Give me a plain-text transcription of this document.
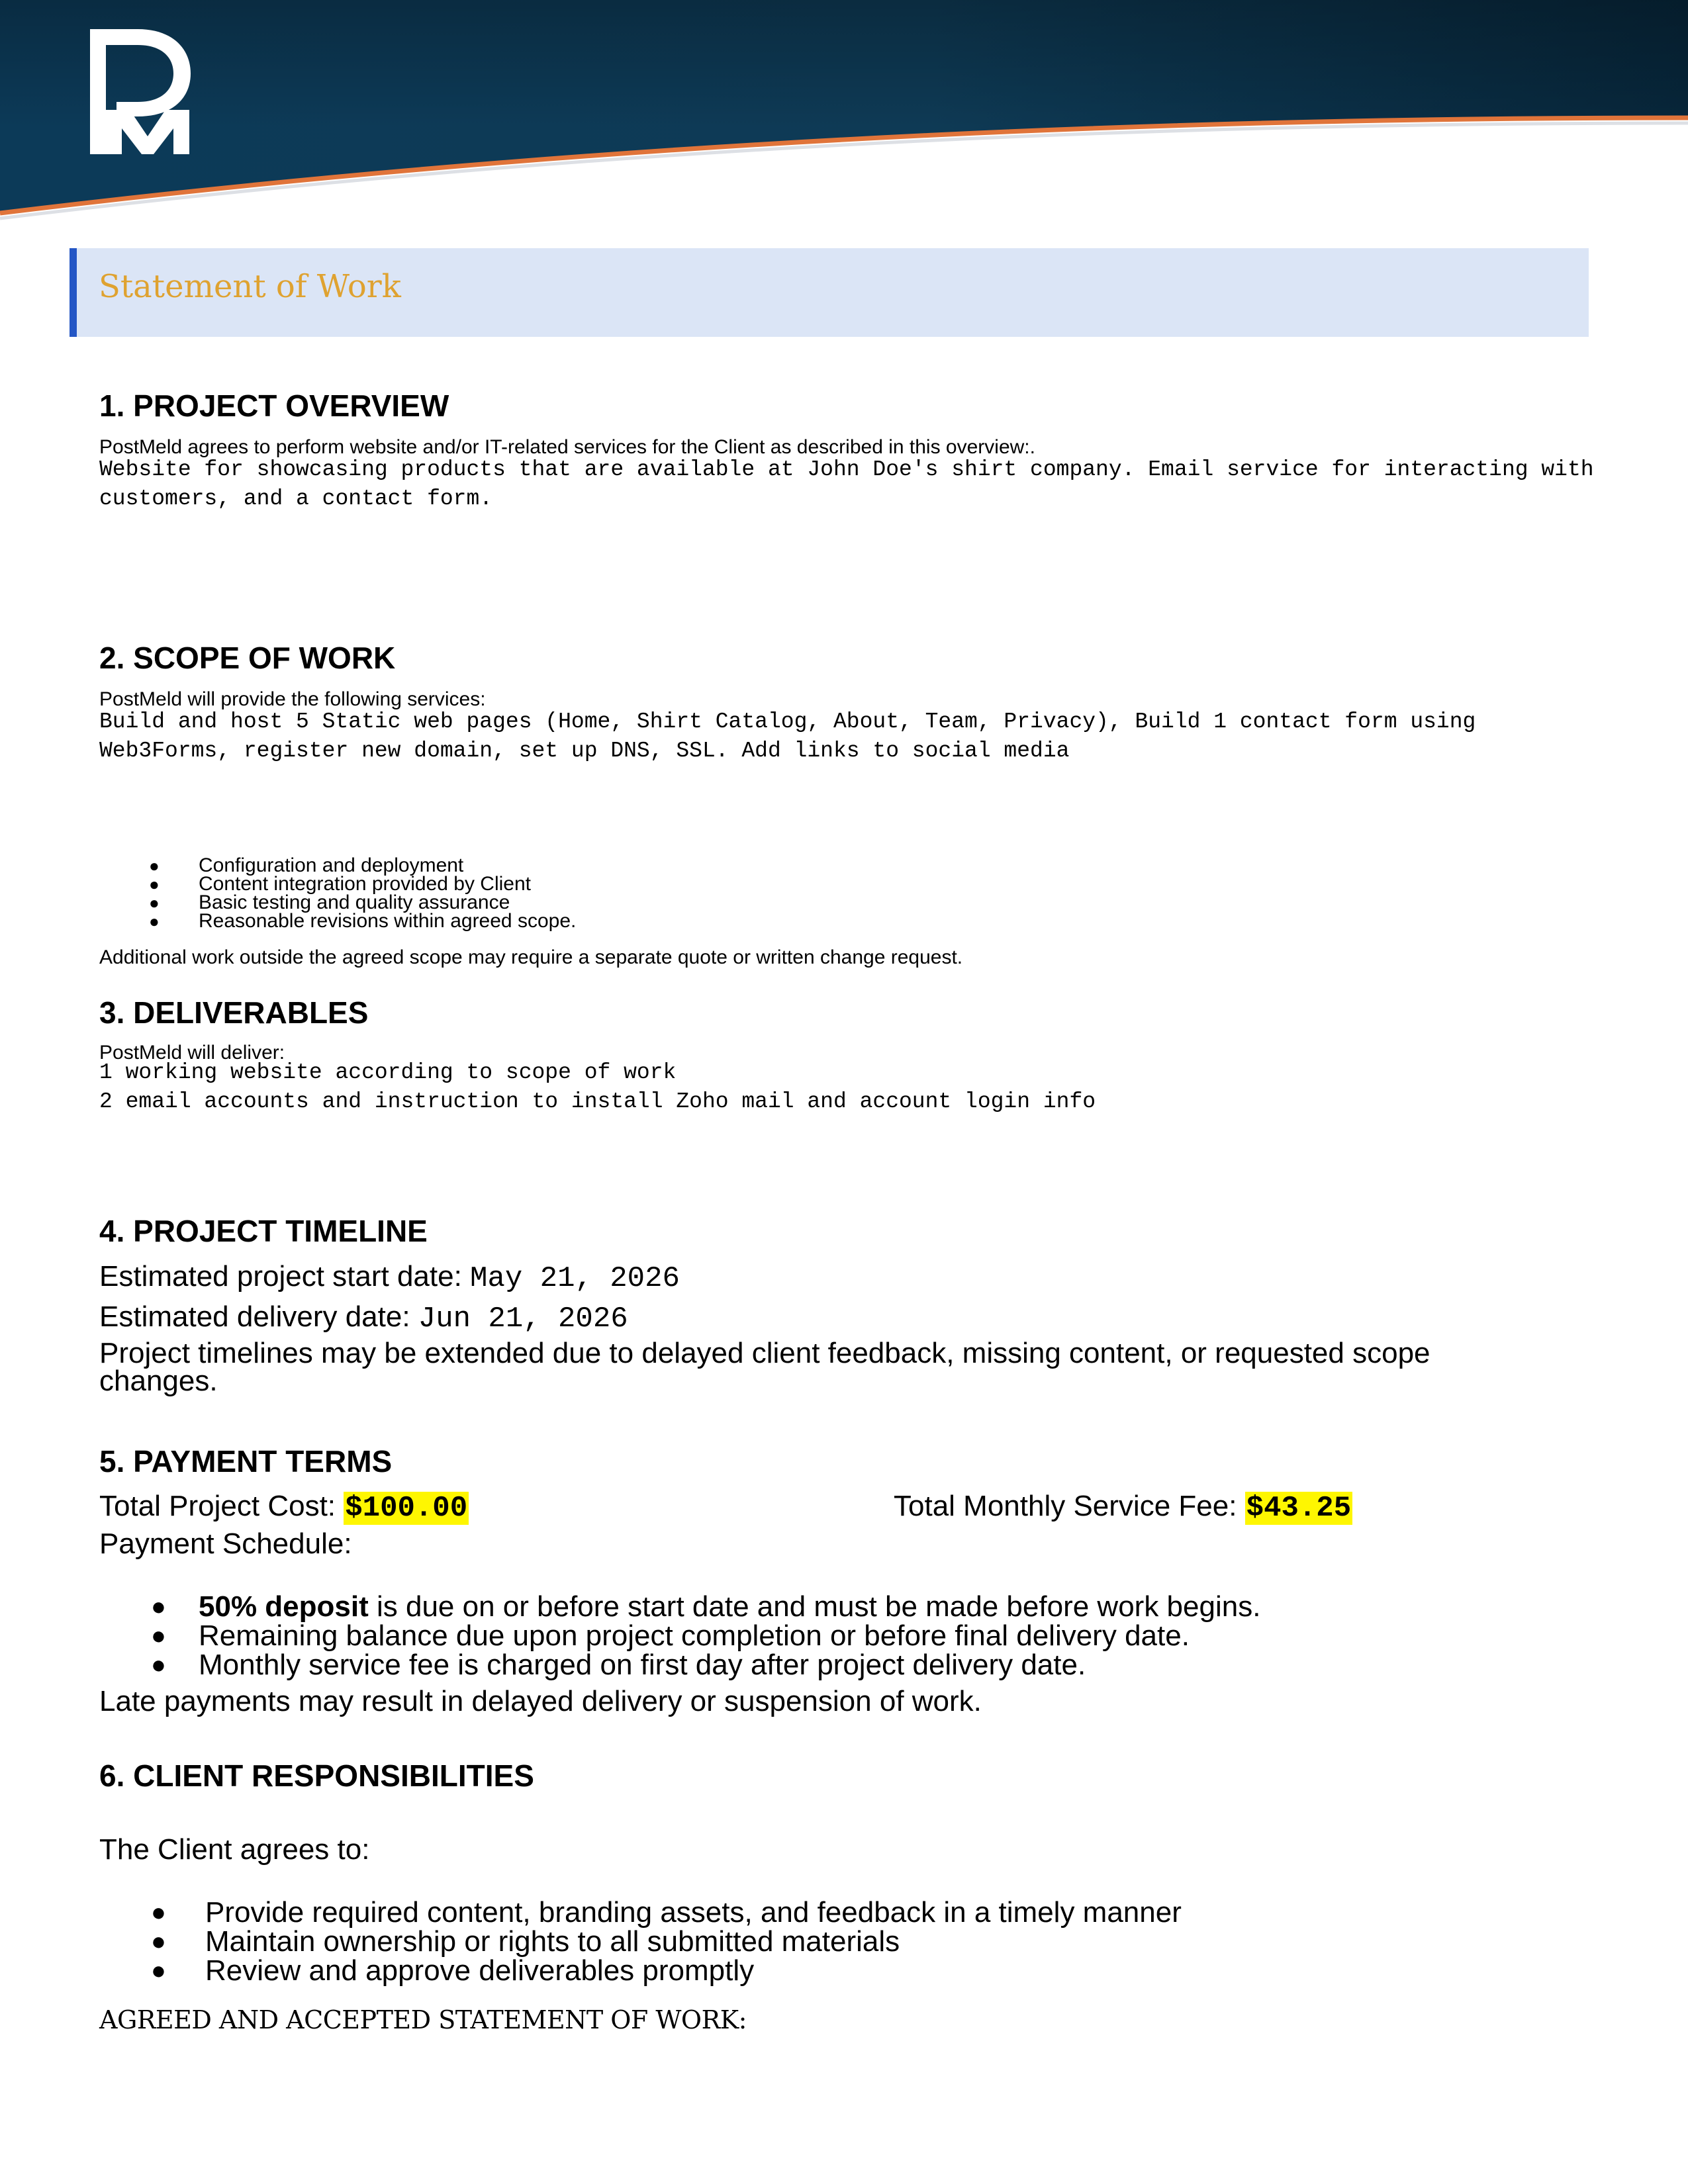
Statement of Work
1. PROJECT OVERVIEW
PostMeld agrees to perform website and/or IT-related services for the Client as described in this overview:.
Website for showcasing products that are available at John Doe's shirt company. Email service for interacting with customers, and a contact form.
2. SCOPE OF WORK
PostMeld will provide the following services:
Build and host 5 Static web pages (Home, Shirt Catalog, About, Team, Privacy), Build 1 contact form using Web3Forms, register new domain, set up DNS, SSL. Add links to social media
● Configuration and deployment
● Content integration provided by Client
● Basic testing and quality assurance
● Reasonable revisions within agreed scope.
Additional work outside the agreed scope may require a separate quote or written change request.
3. DELIVERABLES
PostMeld will deliver:
1 working website according to scope of work
2 email accounts and instruction to install Zoho mail and account login info
4. PROJECT TIMELINE
Estimated project start date: May 21, 2026
Estimated delivery date: Jun 21, 2026
Project timelines may be extended due to delayed client feedback, missing content, or requested scope changes.
5. PAYMENT TERMS
Total Project Cost: $100.00	Total Monthly Service Fee: $43.25
Payment Schedule:
● 50% deposit is due on or before start date and must be made before work begins.
● Remaining balance due upon project completion or before final delivery date.
● Monthly service fee is charged on first day after project delivery date.
Late payments may result in delayed delivery or suspension of work.
6. CLIENT RESPONSIBILITIES
The Client agrees to:
● Provide required content, branding assets, and feedback in a timely manner
● Maintain ownership or rights to all submitted materials
● Review and approve deliverables promptly
AGREED AND ACCEPTED STATEMENT OF WORK:
